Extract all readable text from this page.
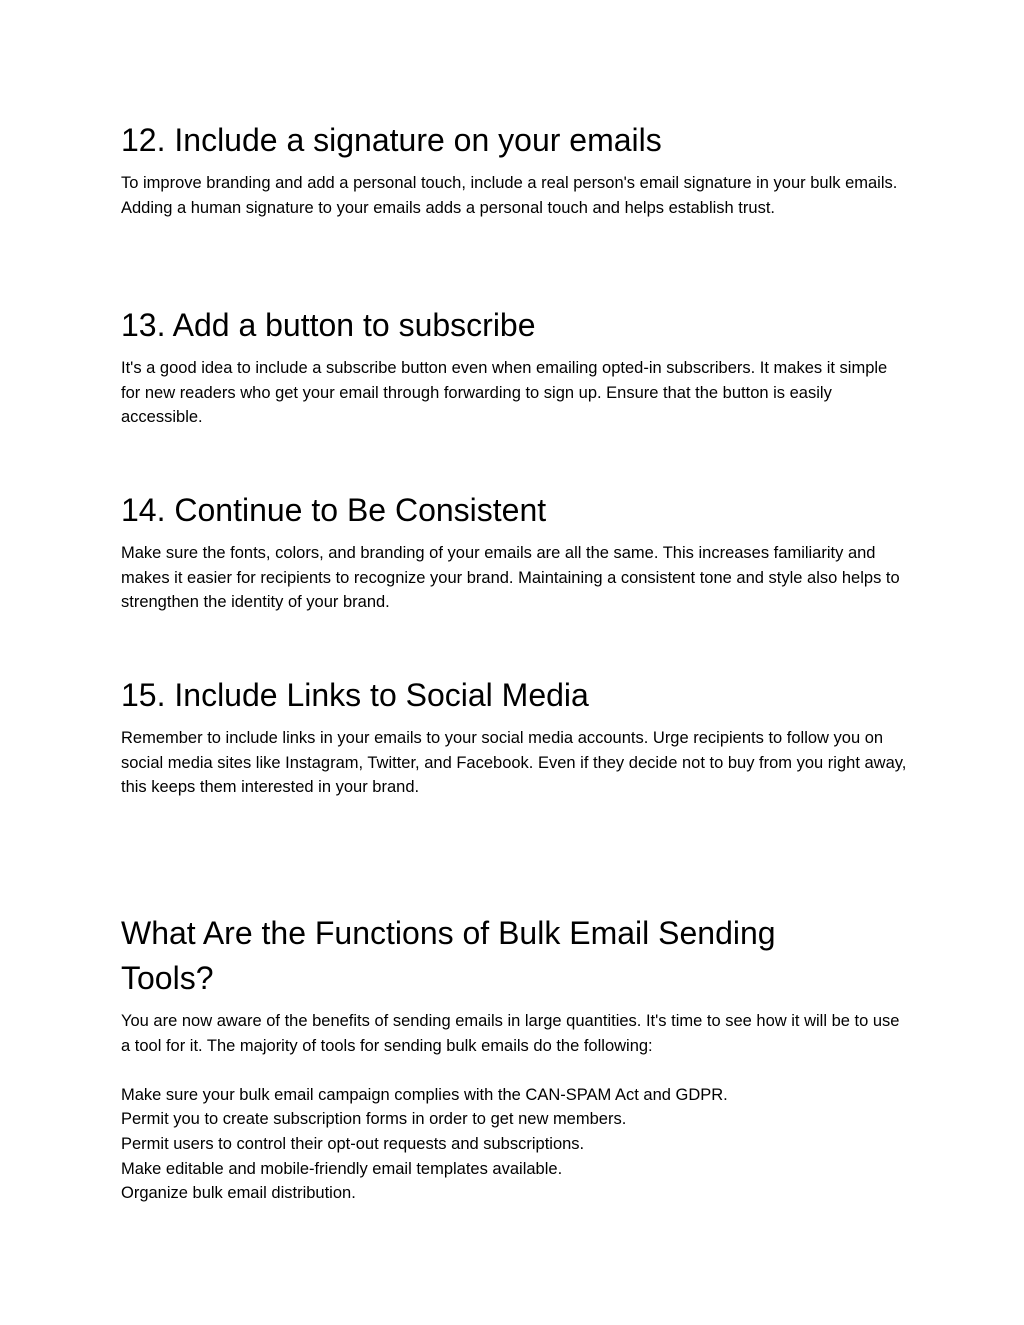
12. Include a signature on your emails

To improve branding and add a personal touch, include a real person's email signature in your bulk emails. Adding a human signature to your emails adds a personal touch and helps establish trust.

13. Add a button to subscribe

It's a good idea to include a subscribe button even when emailing opted-in subscribers. It makes it simple for new readers who get your email through forwarding to sign up. Ensure that the button is easily accessible.

14. Continue to Be Consistent

Make sure the fonts, colors, and branding of your emails are all the same. This increases familiarity and makes it easier for recipients to recognize your brand. Maintaining a consistent tone and style also helps to strengthen the identity of your brand.

15. Include Links to Social Media

Remember to include links in your emails to your social media accounts. Urge recipients to follow you on social media sites like Instagram, Twitter, and Facebook. Even if they decide not to buy from you right away, this keeps them interested in your brand.

What Are the Functions of Bulk Email Sending Tools?

You are now aware of the benefits of sending emails in large quantities. It's time to see how it will be to use a tool for it. The majority of tools for sending bulk emails do the following:

Make sure your bulk email campaign complies with the CAN-SPAM Act and GDPR.
Permit you to create subscription forms in order to get new members.
Permit users to control their opt-out requests and subscriptions.
Make editable and mobile-friendly email templates available.
Organize bulk email distribution.
